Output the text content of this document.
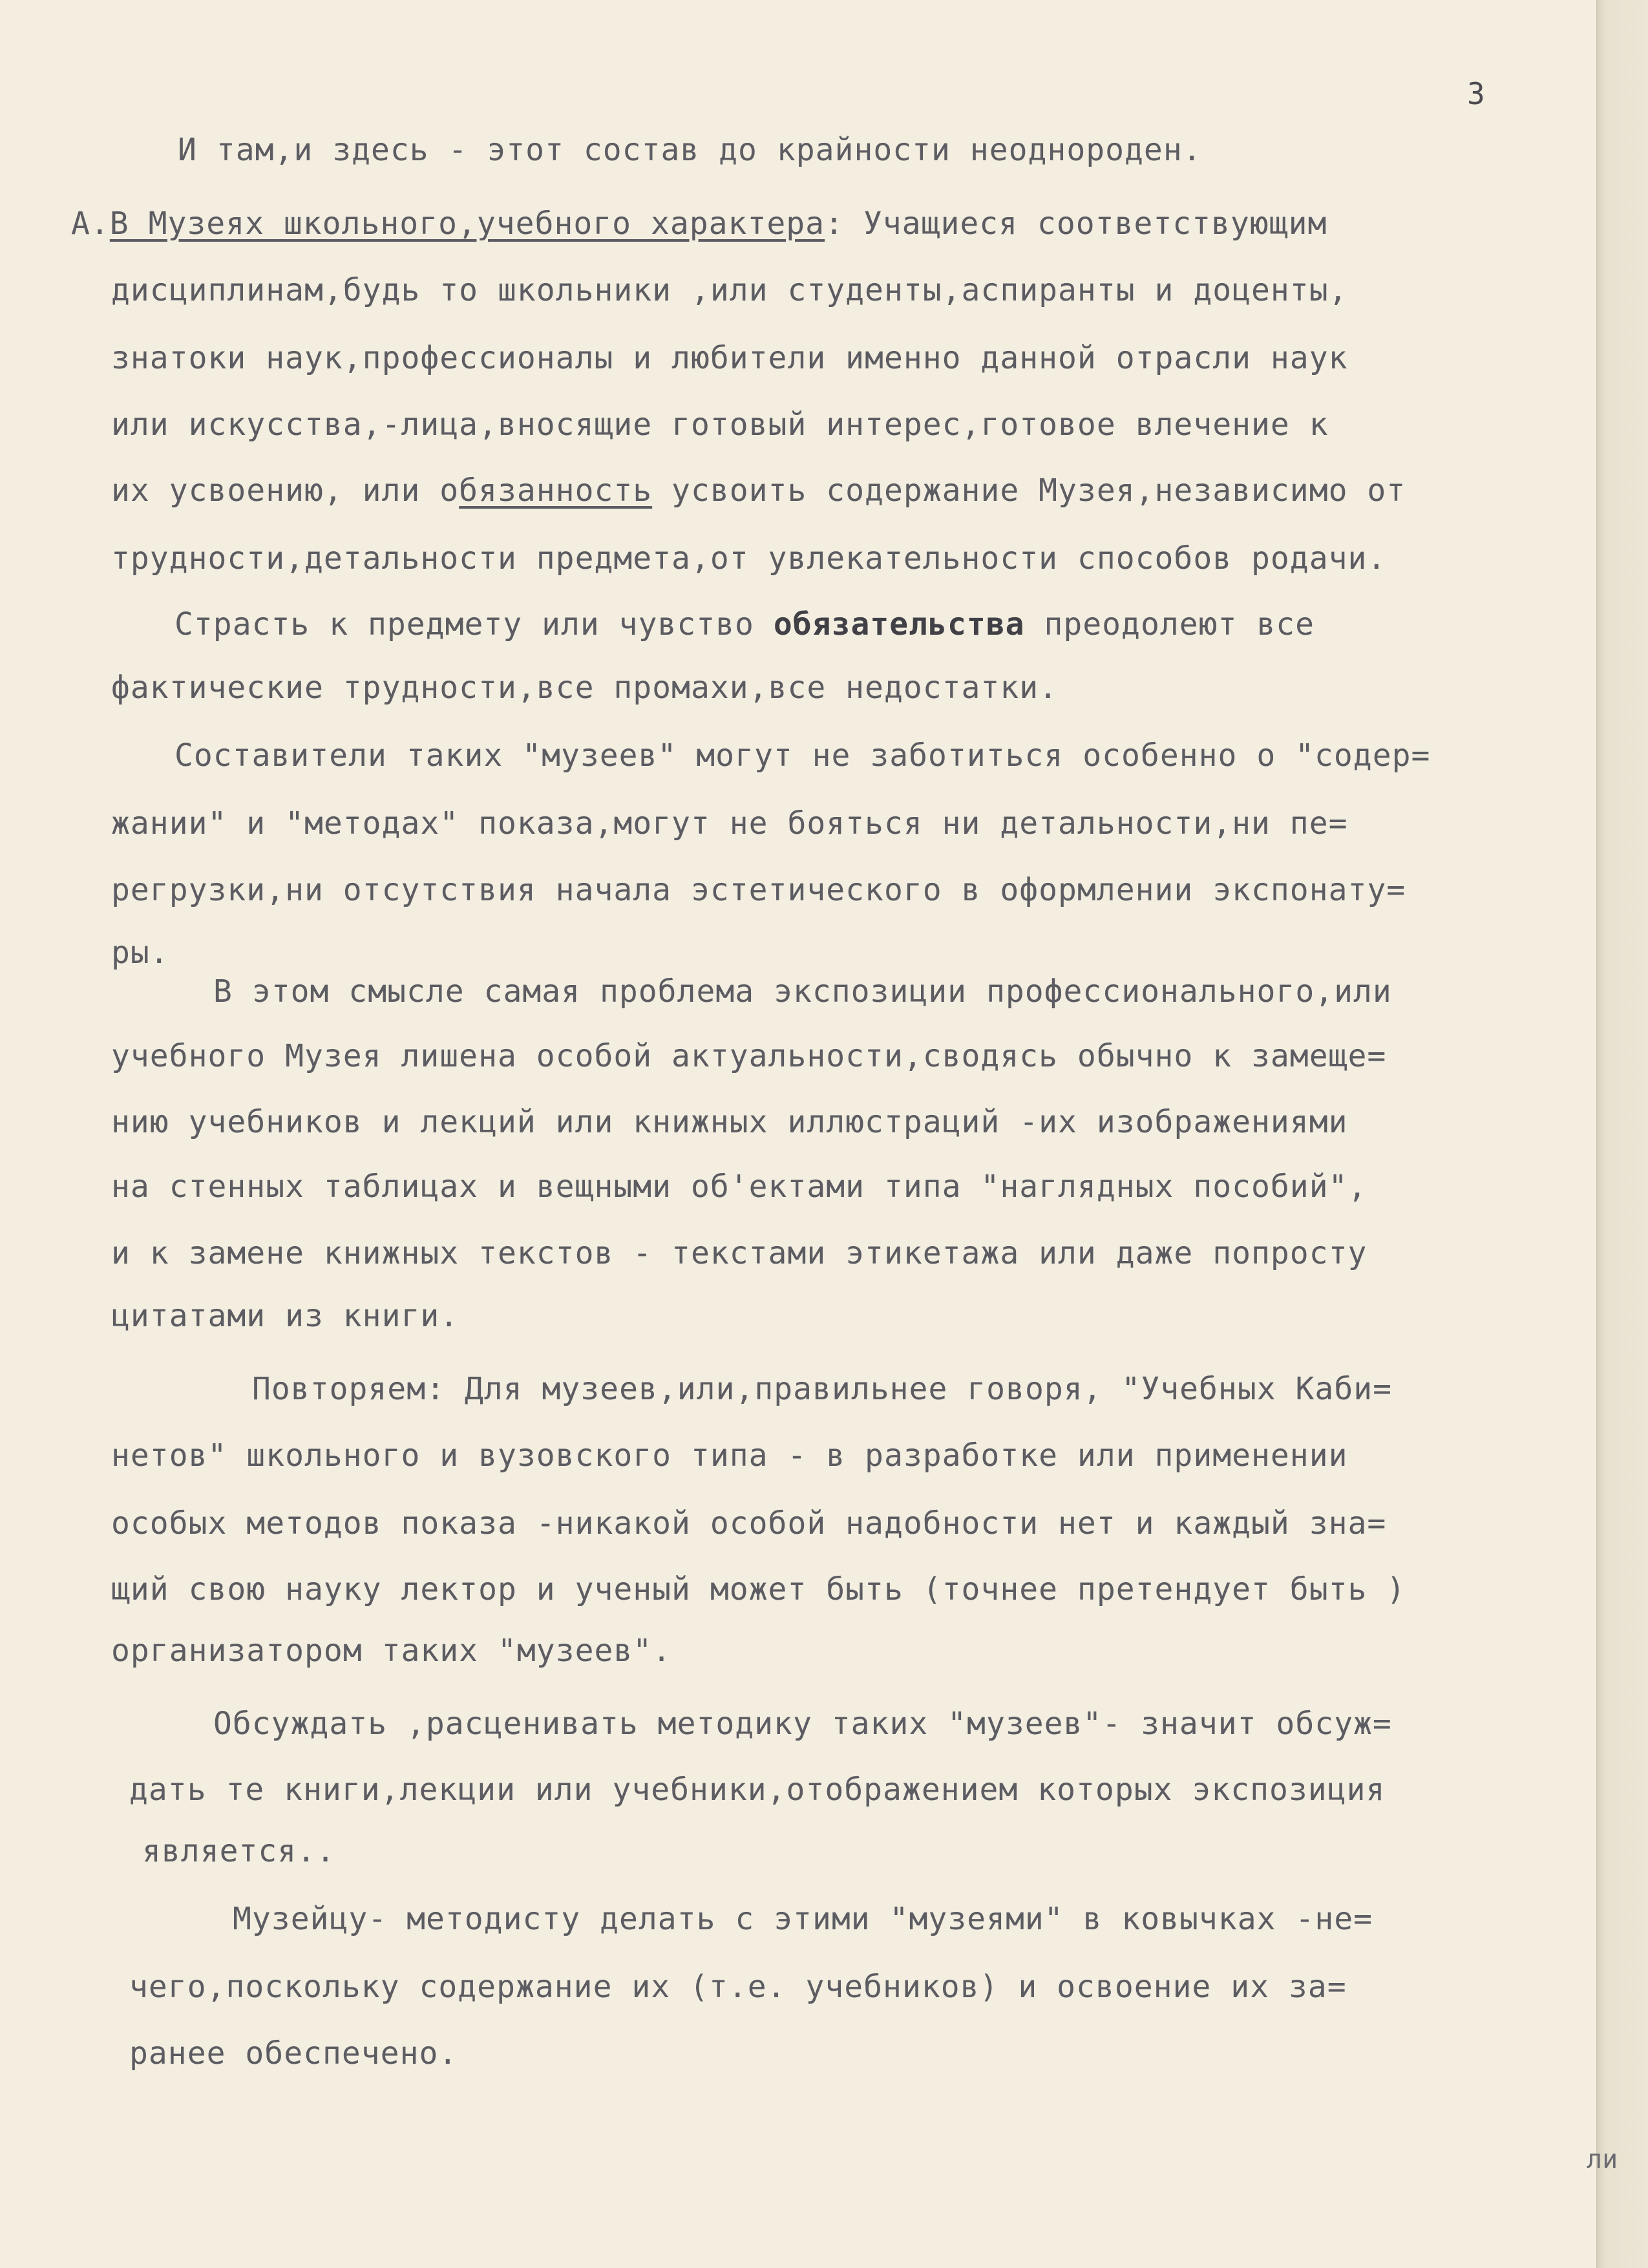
3
И там,и здесь - этот состав до крайности неоднороден.
А.В Музеях школьного,учебного характера: Учащиеся соответствующим
дисциплинам,будь то школьники ,или студенты,аспиранты и доценты,
знатоки наук,профессионалы и любители именно данной отрасли наук
или искусства,-лица,вносящие готовый интерес,готовое влечение к
их усвоению, или обязанность усвоить содержание Музея,независимо от
трудности,детальности предмета,от увлекательности способов родачи.
Страсть к предмету или чувство обязательства преодолеют все
фактические трудности,все промахи,все недостатки.
Составители таких "музеев" могут не заботиться особенно о "содер=
жании" и "методах" показа,могут не бояться ни детальности,ни пе=
регрузки,ни отсутствия начала эстетического в оформлении экспонату=
ры.
В этом смысле самая проблема экспозиции профессионального,или
учебного Музея лишена особой актуальности,сводясь обычно к замеще=
нию учебников и лекций или книжных иллюстраций -их изображениями
на стенных таблицах и вещными об'ектами типа "наглядных пособий",
и к замене книжных текстов - текстами этикетажа или даже попросту
цитатами из книги.
Повторяем: Для музеев,или,правильнее говоря, "Учебных Каби=
нетов" школьного и вузовского типа - в разработке или применении
особых методов показа -никакой особой надобности нет и каждый зна=
щий свою науку лектор и ученый может быть (точнее претендует быть )
организатором таких "музеев".
Обсуждать ,расценивать методику таких "музеев"- значит обсуж=
дать те книги,лекции или учебники,отображением которых экспозиция
является..
Музейцу- методисту делать с этими "музеями" в ковычках -не=
чего,поскольку содержание их (т.е. учебников) и освоение их за=
ранее обеспечено.
ли
